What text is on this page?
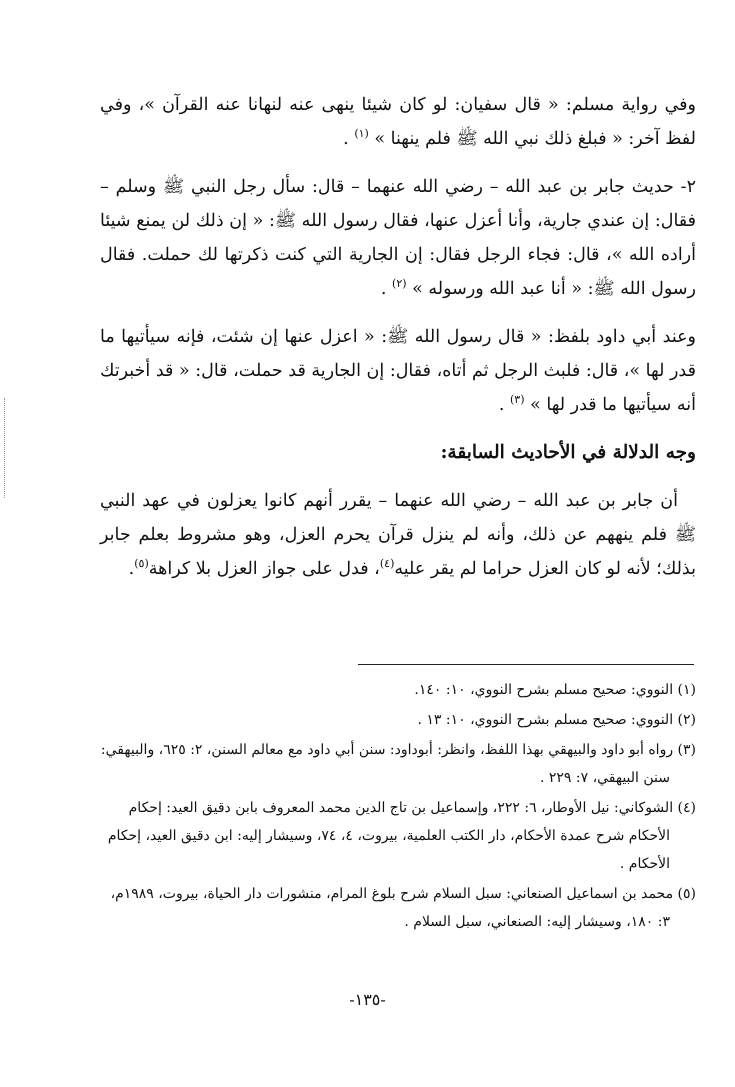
وفي رواية مسلم: « قال سفيان: لو كان شيئا ينهى عنه لنهانا عنه القرآن »، وفي لفظ آخر: « فبلغ ذلك نبي الله ﷺ فلم ينهنا » $^{(١)}$ .

٢- حديث جابر بن عبد الله – رضي الله عنهما – قال: سأل رجل النبي ﷺ وسلم – فقال: إن عندي جارية، وأنا أعزل عنها، فقال رسول الله ﷺ: « إن ذلك لن يمنع شيئا أراده الله »، قال: فجاء الرجل فقال: إن الجارية التي كنت ذكرتها لك حملت. فقال رسول الله ﷺ: « أنا عبد الله ورسوله » $^{(٢)}$ .

وعند أبي داود بلفظ: « قال رسول الله ﷺ: « اعزل عنها إن شئت، فإنه سيأتيها ما قدر لها »، قال: فلبث الرجل ثم أتاه، فقال: إن الجارية قد حملت، قال: « قد أخبرتك أنه سيأتيها ما قدر لها » $^{(٣)}$ .

وجه الدلالة في الأحاديث السابقة:

أن جابر بن عبد الله – رضي الله عنهما – يقرر أنهم كانوا يعزلون في عهد النبي ﷺ فلم ينههم عن ذلك، وأنه لم ينزل قرآن يحرم العزل، وهو مشروط بعلم جابر بذلك؛ لأنه لو كان العزل حراما لم يقر عليه$^{(٤)}$، فدل على جواز العزل بلا كراهة$^{(٥)}$.

(١) النووي: صحيح مسلم بشرح النووي، ١٠: ١٤٠.

(٢) النووي: صحيح مسلم بشرح النووي، ١٠: ١٣ .

(٣) رواه أبو داود والبيهقي بهذا اللفظ، وانظر: أبوداود: سنن أبي داود مع معالم السنن، ٢: ٦٢٥، والبيهقي: سنن البيهقي، ٧: ٢٢٩ .

(٤) الشوكاني: نيل الأوطار، ٦: ٢٢٢، وإسماعيل بن تاج الدين محمد المعروف بابن دقيق العيد: إحكام الأحكام شرح عمدة الأحكام، دار الكتب العلمية، بيروت، ٤، ٧٤، وسيشار إليه: ابن دقيق العيد، إحكام الأحكام .

(٥) محمد بن اسماعيل الصنعاني: سبل السلام شرح بلوغ المرام، منشورات دار الحياة، بيروت، ١٩٨٩م، ٣: ١٨٠، وسيشار إليه: الصنعاني، سبل السلام .

-١٣٥-
